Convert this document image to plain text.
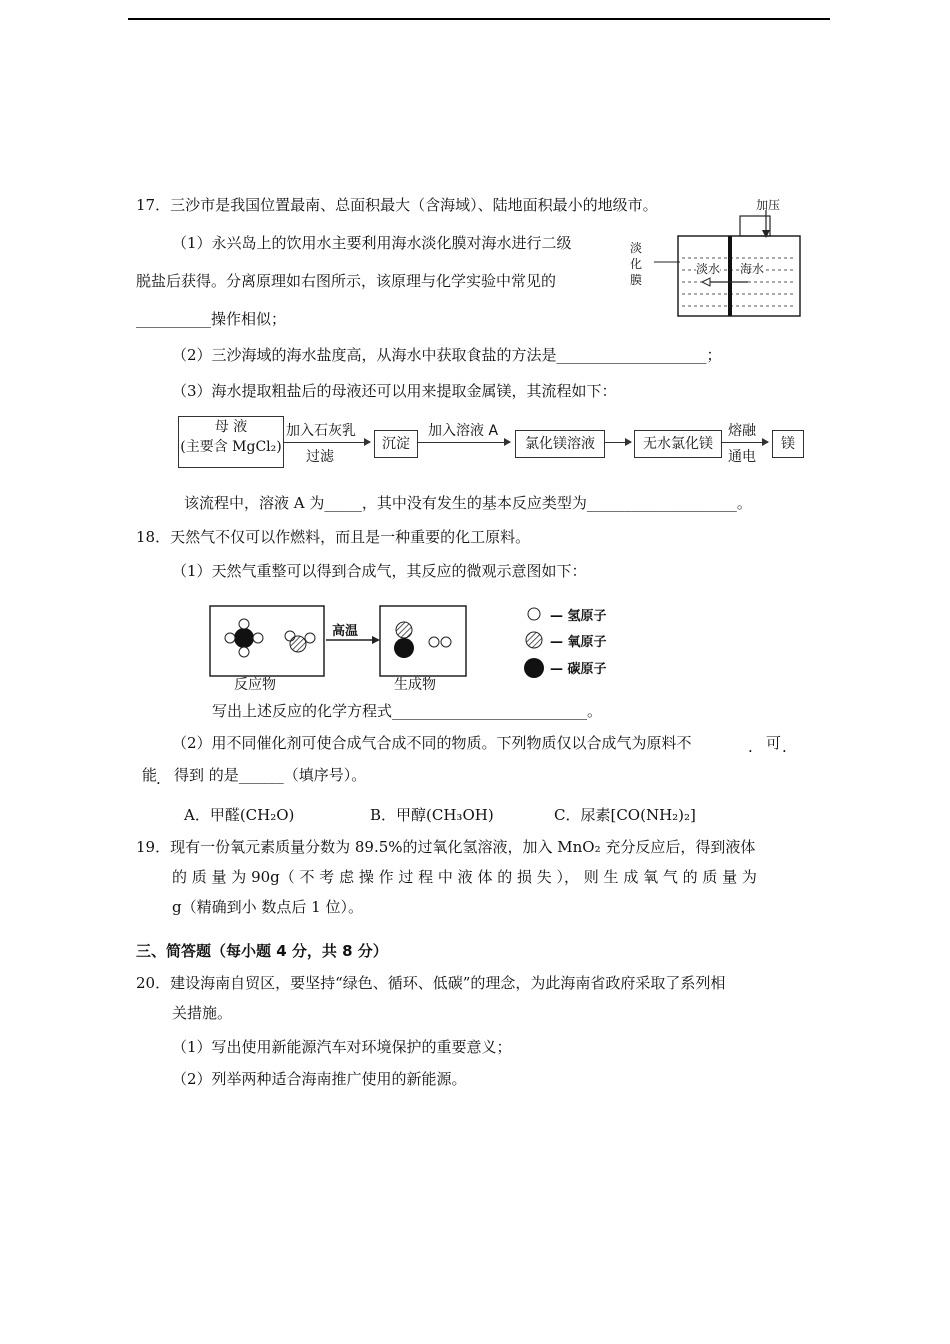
17．三沙市是我国位置最南、总面积最大（含海域）、陆地面积最小的地级市。
（1）永兴岛上的饮用水主要利用海水淡化膜对海水进行二级
脱盐后获得。分离原理如右图所示，该原理与化学实验中常见的
__________操作相似；
加压
淡化膜
淡水 海水
（2）三沙海域的海水盐度高，从海水中获取食盐的方法是____________________；
（3）海水提取粗盐后的母液还可以用来提取金属镁，其流程如下：
母 液
(主要含 MgCl₂)
加入石灰乳
过滤
沉淀
加入溶液 A
氯化镁溶液	无水氯化镁
熔融
通电
镁
该流程中，溶液 A 为_____，其中没有发生的基本反应类型为____________________。
18．天然气不仅可以作燃料，而且是一种重要的化工原料。
（1）天然气重整可以得到合成气，其反应的微观示意图如下：
高温
反应物	生成物
— 氢原子
— 氧原子
— 碳原子
写出上述反应的化学方程式__________________________。
（2）用不同催化剂可使合成气合成不同的物质。下列物质仅以合成气为原料不	可
· ·
能
· 得到 的是______（填序号）。
A．甲醛(CH₂O)	B．甲醇(CH₃OH)	C．尿素[CO(NH₂)₂]
19．现有一份氧元素质量分数为 89.5%的过氧化氢溶液，加入 MnO₂ 充分反应后，得到液体
的 质 量 为 90g（ 不 考 虑 操 作 过 程 中 液 体 的 损 失 ）， 则 生 成 氧 气 的 质 量 为
g（精确到小 数点后 1 位）。
三、简答题（每小题 4 分，共 8 分）
20．建设海南自贸区，要坚持“绿色、循环、低碳”的理念，为此海南省政府采取了系列相
关措施。
（1）写出使用新能源汽车对环境保护的重要意义；
（2）列举两种适合海南推广使用的新能源。
